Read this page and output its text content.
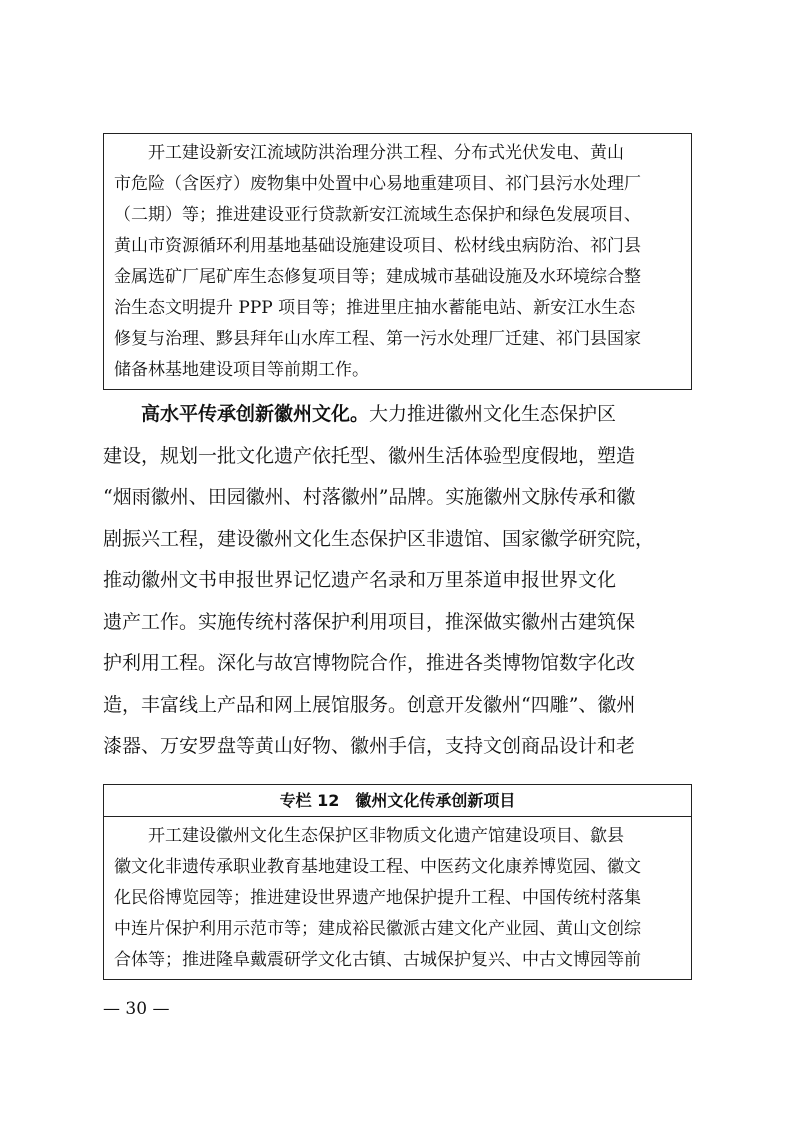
　　开工建设新安江流域防洪治理分洪工程、分布式光伏发电、黄山
市危险（含医疗）废物集中处置中心易地重建项目、祁门县污水处理厂
（二期）等；推进建设亚行贷款新安江流域生态保护和绿色发展项目、
黄山市资源循环利用基地基础设施建设项目、松材线虫病防治、祁门县
金属选矿厂尾矿库生态修复项目等；建成城市基础设施及水环境综合整
治生态文明提升 PPP 项目等；推进里庄抽水蓄能电站、新安江水生态
修复与治理、黟县拜年山水库工程、第一污水处理厂迁建、祁门县国家
储备林基地建设项目等前期工作。
高水平传承创新徽州文化。大力推进徽州文化生态保护区
建设，规划一批文化遗产依托型、徽州生活体验型度假地，塑造
“烟雨徽州、田园徽州、村落徽州”品牌。实施徽州文脉传承和徽
剧振兴工程，建设徽州文化生态保护区非遗馆、国家徽学研究院，
推动徽州文书申报世界记忆遗产名录和万里茶道申报世界文化
遗产工作。实施传统村落保护利用项目，推深做实徽州古建筑保
护利用工程。深化与故宫博物院合作，推进各类博物馆数字化改
造，丰富线上产品和网上展馆服务。创意开发徽州“四雕”、徽州
漆器、万安罗盘等黄山好物、徽州手信，支持文创商品设计和老
专栏 12　徽州文化传承创新项目
　　开工建设徽州文化生态保护区非物质文化遗产馆建设项目、歙县
徽文化非遗传承职业教育基地建设工程、中医药文化康养博览园、徽文
化民俗博览园等；推进建设世界遗产地保护提升工程、中国传统村落集
中连片保护利用示范市等；建成裕民徽派古建文化产业园、黄山文创综
合体等；推进隆阜戴震研学文化古镇、古城保护复兴、中古文博园等前
— 30 —
